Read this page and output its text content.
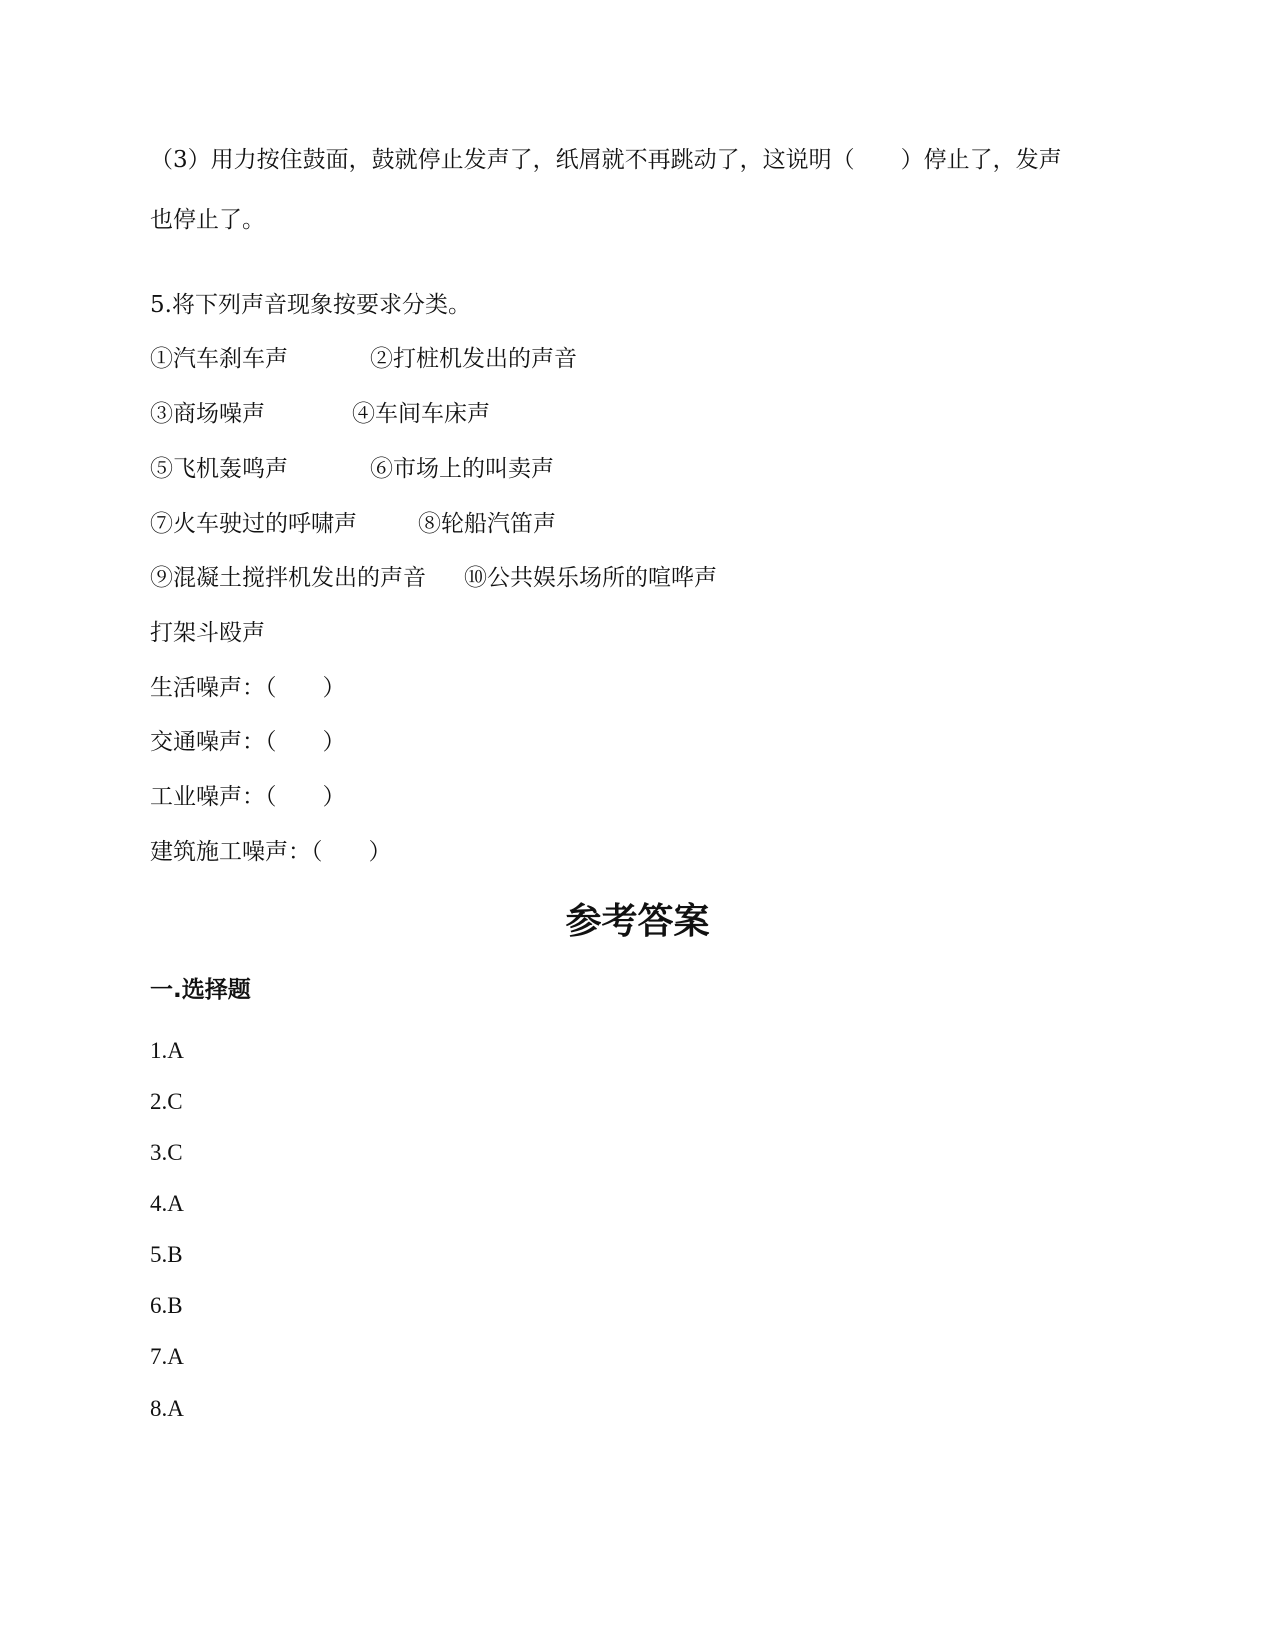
（3）用力按住鼓面，鼓就停止发声了，纸屑就不再跳动了，这说明（　　）停止了，发声
也停止了。
5.将下列声音现象按要求分类。
①汽车刹车声	②打桩机发出的声音
③商场噪声	④车间车床声
⑤飞机轰鸣声	⑥市场上的叫卖声
⑦火车驶过的呼啸声	⑧轮船汽笛声
⑨混凝土搅拌机发出的声音 ⑩公共娱乐场所的喧哗声
打架斗殴声
生活噪声：（　　）
交通噪声：（　　）
工业噪声：（　　）
建筑施工噪声：（　　）
参考答案
一.选择题
1.A
2.C
3.C
4.A
5.B
6.B
7.A
8.A
